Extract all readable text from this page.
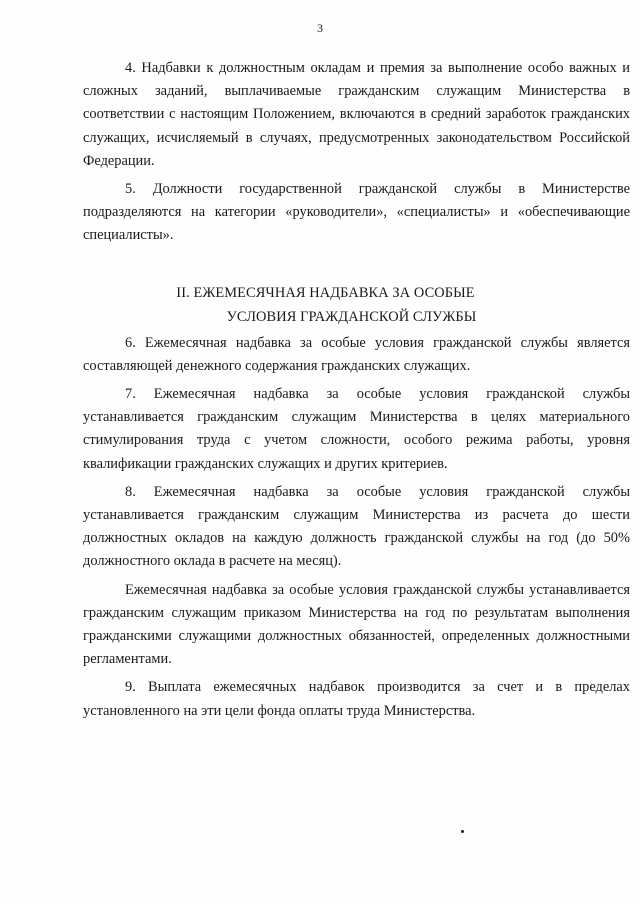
3

4. Надбавки к должностным окладам и премия за выполнение особо важных и сложных заданий, выплачиваемые гражданским служащим Министерства в соответствии с настоящим Положением, включаются в средний заработок гражданских служащих, исчисляемый в случаях, предусмотренных законодательством Российской Федерации.

5. Должности государственной гражданской службы в Министерстве подразделяются на категории «руководители», «специалисты» и «обеспечивающие специалисты».

II. ЕЖЕМЕСЯЧНАЯ НАДБАВКА ЗА ОСОБЫЕ
УСЛОВИЯ ГРАЖДАНСКОЙ СЛУЖБЫ

6. Ежемесячная надбавка за особые условия гражданской службы является составляющей денежного содержания гражданских служащих.

7. Ежемесячная надбавка за особые условия гражданской службы устанавливается гражданским служащим Министерства в целях материального стимулирования труда с учетом сложности, особого режима работы, уровня квалификации гражданских служащих и других критериев.

8. Ежемесячная надбавка за особые условия гражданской службы устанавливается гражданским служащим Министерства из расчета до шести должностных окладов на каждую должность гражданской службы на год (до 50% должностного оклада в расчете на месяц).

Ежемесячная надбавка за особые условия гражданской службы устанавливается гражданским служащим приказом Министерства на год по результатам выполнения гражданскими служащими должностных обязанностей, определенных должностными регламентами.

9. Выплата ежемесячных надбавок производится за счет и в пределах установленного на эти цели фонда оплаты труда Министерства.
